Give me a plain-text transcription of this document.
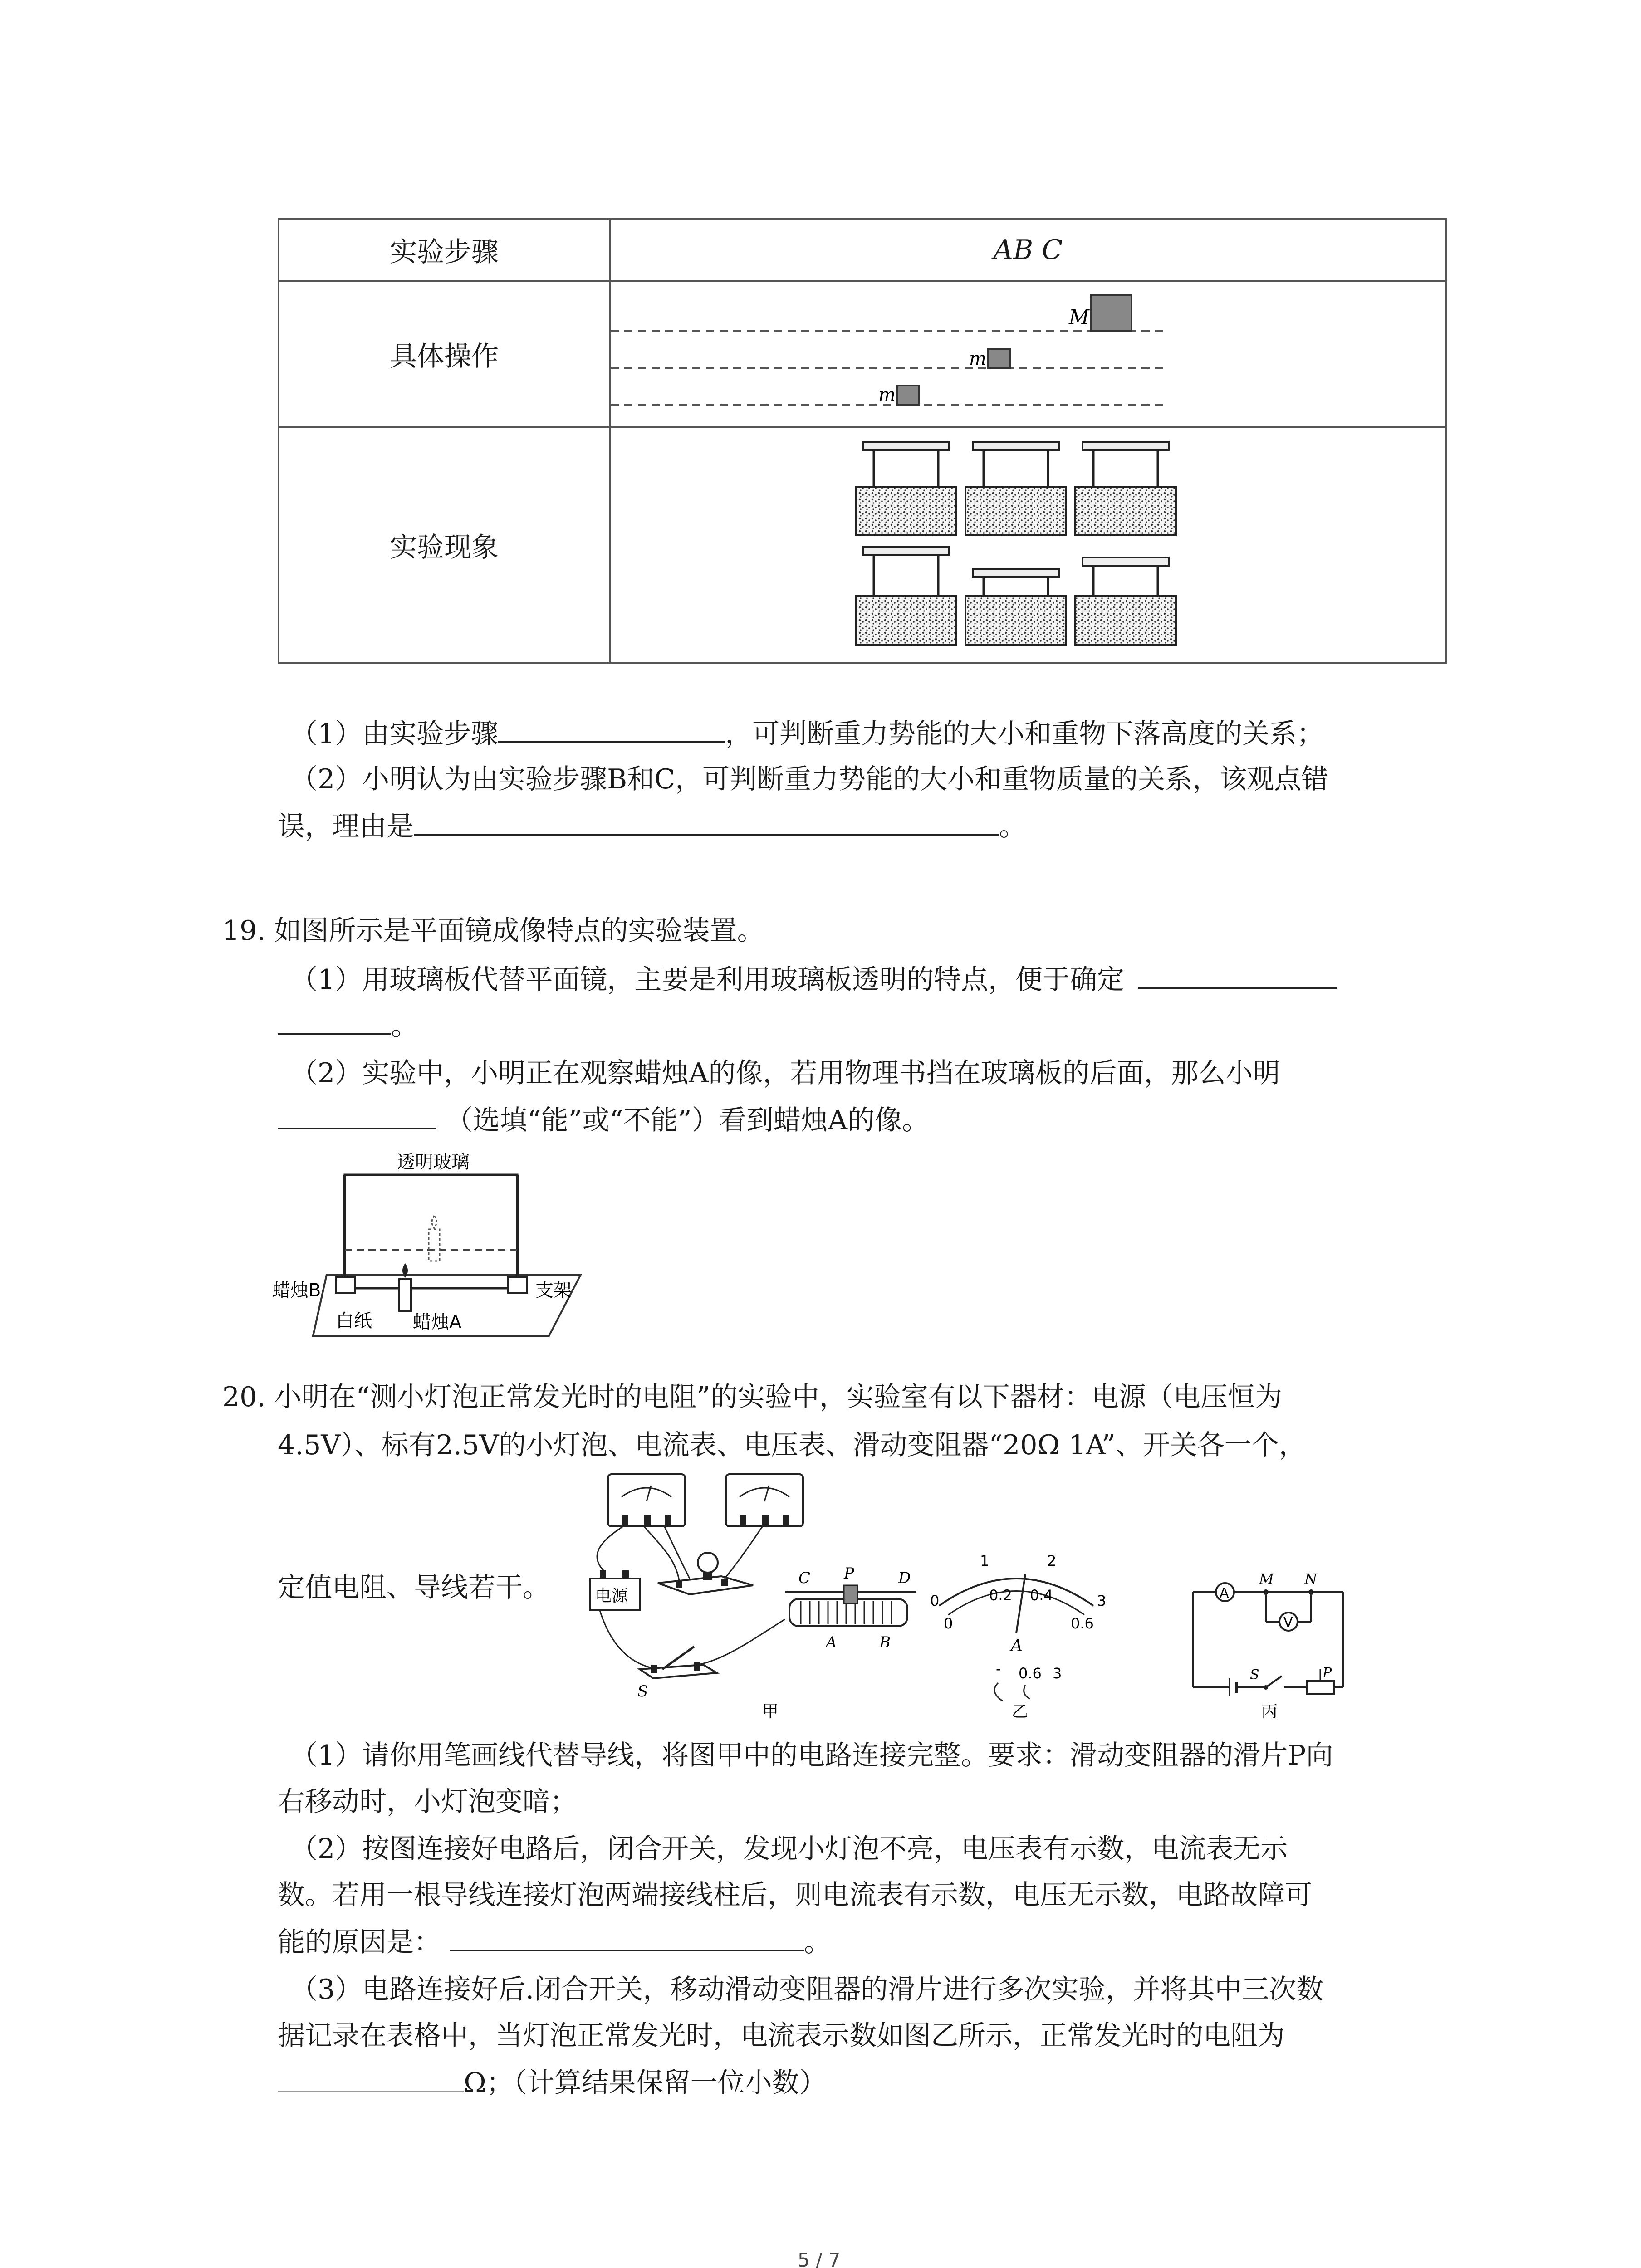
实验步骤	AB C
具体操作	M
m
m

实验现象	
（1）由实验步骤	，可判断重力势能的大小和重物下落高度的关系；
（2）小明认为由实验步骤B和C，可判断重力势能的大小和重物质量的关系，该观点错
误，理由是	。
19. 如图所示是平面镜成像特点的实验装置。
（1）用玻璃板代替平面镜，主要是利用玻璃板透明的特点，便于确定
。
（2）实验中，小明正在观察蜡烛A的像，若用物理书挡在玻璃板的后面，那么小明
（选填“能”或“不能”）看到蜡烛A的像。
透明玻璃
蜡烛B	支架
白纸 蜡烛A
20. 小明在“测小灯泡正常发光时的电阻”的实验中，实验室有以下器材：电源（电压恒为
4.5V）、标有2.5V的小灯泡、电流表、电压表、滑动变阻器“20Ω 1A”、开关各一个，
定值电阻、导线若干。	电源
S
C P	D
A	B
甲
0
1	2
3
0
0.2 0.4
0.6
A
- 0.6 3
乙
A
V
M N
S	P
丙
（1）请你用笔画线代替导线，将图甲中的电路连接完整。要求：滑动变阻器的滑片P向
右移动时，小灯泡变暗；
（2）按图连接好电路后，闭合开关，发现小灯泡不亮，电压表有示数，电流表无示
数。若用一根导线连接灯泡两端接线柱后，则电流表有示数，电压无示数，电路故障可
能的原因是：	。
（3）电路连接好后.闭合开关，移动滑动变阻器的滑片进行多次实验，并将其中三次数
据记录在表格中，当灯泡正常发光时，电流表示数如图乙所示，正常发光时的电阻为
Ω；（计算结果保留一位小数）
5 / 7
